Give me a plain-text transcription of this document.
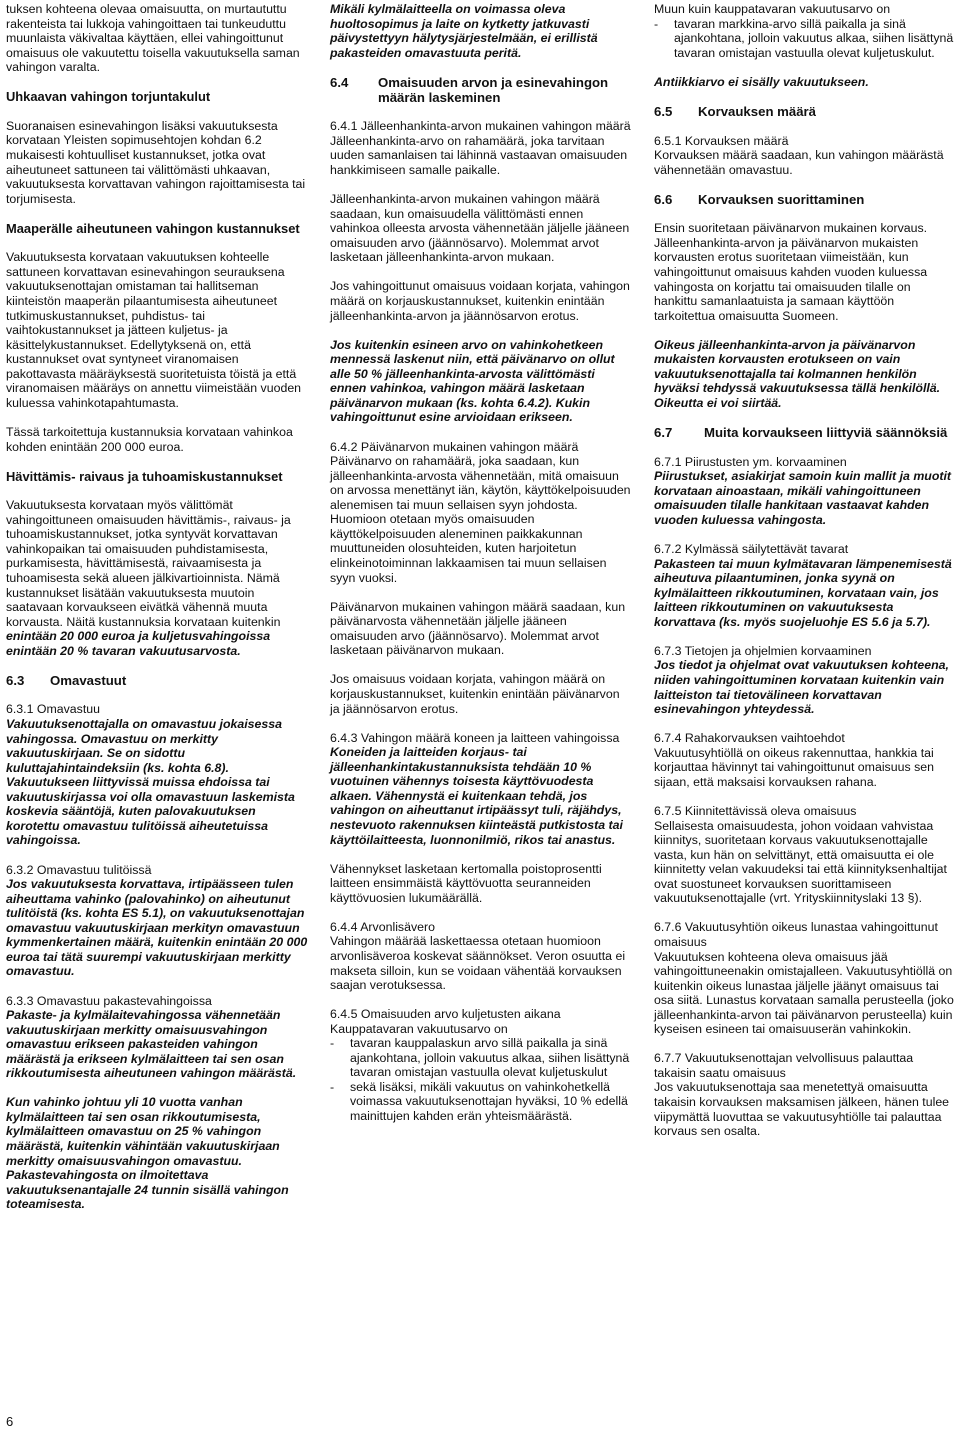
tuksen kohteena olevaa omaisuutta, on murtaututtu rakenteista tai lukkoja vahingoittaen tai tunkeuduttu muunlaista väkivaltaa käyttäen, ellei vahingoittunut omaisuus ole vakuutettu toisella vakuutuksella saman vahingon varalta.

Uhkaavan vahingon torjuntakulut

Suoranaisen esinevahingon lisäksi vakuutuksesta korvataan Yleisten sopimusehtojen kohdan 6.2 mukaisesti kohtuulliset kustannukset, jotka ovat aiheutuneet sattuneen tai välittömästi uhkaavan, vakuutuksesta korvattavan vahingon rajoittamisesta tai torjumisesta.

Maaperälle aiheutuneen vahingon kustannukset

Vakuutuksesta korvataan vakuutuksen kohteelle sattuneen korvattavan esinevahingon seurauksena vakuutuksenottajan omistaman tai hallitseman kiinteistön maaperän pilaantumisesta aiheutuneet tutkimuskustannukset, puhdistus- tai vaihtokustannukset ja jätteen kuljetus- ja käsittelykustannukset. Edellytyksenä on, että kustannukset ovat syntyneet viranomaisen pakottavasta määräyksestä suoritetuista töistä ja että viranomaisen määräys on annettu viimeistään vuoden kuluessa vahinkotapahtumasta.

Tässä tarkoitettuja kustannuksia korvataan vahinkoa kohden enintään 200 000 euroa.

Hävittämis- raivaus ja tuhoamiskustannukset

Vakuutuksesta korvataan myös välittömät vahingoittuneen omaisuuden hävittämis-, raivaus- ja tuhoamiskustannukset, jotka syntyvät korvattavan vahinkopaikan tai omaisuuden puhdistamisesta, purkamisesta, hävittämisestä, raivaamisesta ja tuhoamisesta sekä alueen jälkivartioinnista. Nämä kustannukset lisätään vakuutuksesta muutoin saatavaan korvaukseen eivätkä vähennä muuta korvausta. Näitä kustannuksia korvataan kuitenkin enintään 20 000 euroa ja kuljetusvahingoissa enintään 20 % tavaran vakuutusarvosta.

6.3	Omavastuut
6.3.1 Omavastuu

Vakuutuksenottajalla on omavastuu jokaisessa vahingossa. Omavastuu on merkitty vakuutuskirjaan. Se on sidottu kuluttajahintaindeksiin (ks. kohta 6.8). Vakuutukseen liittyvissä muissa ehdoissa tai vakuutuskirjassa voi olla omavastuun laskemista koskevia sääntöjä, kuten palovakuutuksen korotettu omavastuu tulitöissä aiheutetuissa vahingoissa.

6.3.2 Omavastuu tulitöissä

Jos vakuutuksesta korvattava, irtipäässeen tulen aiheuttama vahinko (palovahinko) on aiheutunut tulitöistä (ks. kohta ES 5.1), on vakuutuksenottajan omavastuu vakuutuskirjaan merkityn omavastuun kymmenkertainen määrä, kuitenkin enintään 20 000 euroa tai tätä suurempi vakuutuskirjaan merkitty omavastuu.

6.3.3 Omavastuu pakastevahingoissa

Pakaste- ja kylmälaitevahingossa vähennetään vakuutuskirjaan merkitty omaisuusvahingon omavastuu erikseen pakasteiden vahingon määrästä ja erikseen kylmälaitteen tai sen osan rikkoutumisesta aiheutuneen vahingon määrästä.

Kun vahinko johtuu yli 10 vuotta vanhan kylmälaitteen tai sen osan rikkoutumisesta, kylmälaitteen omavastuu on 25 % vahingon määrästä, kuitenkin vähintään vakuutuskirjaan merkitty omaisuusvahingon omavastuu. Pakastevahingosta on ilmoitettava vakuutuksenantajalle 24 tunnin sisällä vahingon toteamisesta.

Mikäli kylmälaitteella on voimassa oleva huoltosopimus ja laite on kytketty jatkuvasti päivystettyyn hälytysjärjestelmään, ei erillistä pakasteiden omavastuuta peritä.

6.4	Omaisuuden arvon ja esinevahingon määrän laskeminen
6.4.1 Jälleenhankinta-arvon mukainen vahingon määrä

Jälleenhankinta-arvo on rahamäärä, joka tarvitaan uuden samanlaisen tai lähinnä vastaavan omaisuuden hankkimiseen samalle paikalle.

Jälleenhankinta-arvon mukainen vahingon määrä saadaan, kun omaisuudella välittömästi ennen vahinkoa olleesta arvosta vähennetään jäljelle jääneen omaisuuden arvo (jäännösarvo). Molemmat arvot lasketaan jälleenhankinta-arvon mukaan.

Jos vahingoittunut omaisuus voidaan korjata, vahingon määrä on korjauskustannukset, kuitenkin enintään jälleenhankinta-arvon ja jäännösarvon erotus.

Jos kuitenkin esineen arvo on vahinkohetkeen mennessä laskenut niin, että päivänarvo on ollut alle 50 % jälleenhankinta-arvosta välittömästi ennen vahinkoa, vahingon määrä lasketaan päivänarvon mukaan (ks. kohta 6.4.2). Kukin vahingoittunut esine arvioidaan erikseen.

6.4.2 Päivänarvon mukainen vahingon määrä

Päivänarvo on rahamäärä, joka saadaan, kun jälleenhankinta-arvosta vähennetään, mitä omaisuun on arvossa menettänyt iän, käytön, käyttökelpoisuuden alenemisen tai muun sellaisen syyn johdosta. Huomioon otetaan myös omaisuuden käyttökelpoisuuden aleneminen paikkakunnan muuttuneiden olosuhteiden, kuten harjoitetun elinkeinotoiminnan lakkaamisen tai muun sellaisen syyn vuoksi.

Päivänarvon mukainen vahingon määrä saadaan, kun päivänarvosta vähennetään jäljelle jääneen omaisuuden arvo (jäännösarvo). Molemmat arvot lasketaan päivänarvon mukaan.

Jos omaisuus voidaan korjata, vahingon määrä on korjauskustannukset, kuitenkin enintään päivänarvon ja jäännösarvon erotus.

6.4.3 Vahingon määrä koneen ja laitteen vahingoissa

Koneiden ja laitteiden korjaus- tai jälleenhankintakustannuksista tehdään 10 % vuotuinen vähennys toisesta käyttövuodesta alkaen. Vähennystä ei kuitenkaan tehdä, jos vahingon on aiheuttanut irtipäässyt tuli, räjähdys, nestevuoto rakennuksen kiinteästä putkistosta tai käyttöilaitteesta, luonnonilmiö, rikos tai anastus.

Vähennykset lasketaan kertomalla poistoprosentti laitteen ensimmäistä käyttövuotta seuranneiden käyttövuosien lukumäärällä.

6.4.4 Arvonlisävero

Vahingon määrää laskettaessa otetaan huomioon arvonlisäveroa koskevat säännökset. Veron osuutta ei makseta silloin, kun se voidaan vähentää korvauksen saajan verotuksessa.

6.4.5 Omaisuuden arvo kuljetusten aikana
Kauppatavaran vakuutusarvo on
-	tavaran kauppalaskun arvo sillä paikalla ja sinä ajankohtana, jolloin vakuutus alkaa, siihen lisättynä tavaran omistajan vastuulla olevat kuljetuskulut
-	sekä lisäksi, mikäli vakuutus on vahinkohetkellä voimassa vakuutuksenottajan hyväksi, 10 % edellä mainittujen kahden erän yhteismäärästä.
Muun kuin kauppatavaran vakuutusarvo on
-	tavaran markkina-arvo sillä paikalla ja sinä ajankohtana, jolloin vakuutus alkaa, siihen lisättynä tavaran omistajan vastuulla olevat kuljetuskulut.

Antiikkiarvo ei sisälly vakuutukseen.

6.5	Korvauksen määrä
6.5.1 Korvauksen määrä

Korvauksen määrä saadaan, kun vahingon määrästä vähennetään omavastuu.

6.6	Korvauksen suorittaminen

Ensin suoritetaan päivänarvon mukainen korvaus. Jälleenhankinta-arvon ja päivänarvon mukaisten korvausten erotus suoritetaan viimeistään, kun vahingoittunut omaisuus kahden vuoden kuluessa vahingosta on korjattu tai omaisuuden tilalle on hankittu samanlaatuista ja samaan käyttöön tarkoitettua omaisuutta Suomeen.

Oikeus jälleenhankinta-arvon ja päivänarvon mukaisten korvausten erotukseen on vain vakuutuksenottajalla tai kolmannen henkilön hyväksi tehdyssä vakuutuksessa tällä henkilöllä. Oikeutta ei voi siirtää.

6.7	Muita korvaukseen liittyviä säännöksiä
6.7.1 Piirustusten ym. korvaaminen

Piirustukset, asiakirjat samoin kuin mallit ja muotit korvataan ainoastaan, mikäli vahingoittuneen omaisuuden tilalle hankitaan vastaavat kahden vuoden kuluessa vahingosta.

6.7.2 Kylmässä säilytettävät tavarat

Pakasteen tai muun kylmätavaran lämpenemisestä aiheutuva pilaantuminen, jonka syynä on kylmälaitteen rikkoutuminen, korvataan vain, jos laitteen rikkoutuminen on vakuutuksesta korvattava (ks. myös suojeluohje ES 5.6 ja 5.7).

6.7.3 Tietojen ja ohjelmien korvaaminen

Jos tiedot ja ohjelmat ovat vakuutuksen kohteena, niiden vahingoittuminen korvataan kuitenkin vain laitteiston tai tietovälineen korvattavan esinevahingon yhteydessä.

6.7.4 Rahakorvauksen vaihtoehdot

Vakuutusyhtiöllä on oikeus rakennuttaa, hankkia tai korjauttaa hävinnyt tai vahingoittunut omaisuus sen sijaan, että maksaisi korvauksen rahana.

6.7.5 Kiinnitettävissä oleva omaisuus

Sellaisesta omaisuudesta, johon voidaan vahvistaa kiinnitys, suoritetaan korvaus vakuutuksenottajalle vasta, kun hän on selvittänyt, että omaisuutta ei ole kiinnitetty velan vakuudeksi tai että kiinnityksenhaltijat ovat suostuneet korvauksen suorittamiseen vakuutuksenottajalle (vrt. Yrityskiinnityslaki 13 §).

6.7.6 Vakuutusyhtiön oikeus lunastaa vahingoittunut omaisuus

Vakuutuksen kohteena oleva omaisuus jää vahingoittuneenakin omistajalleen. Vakuutusyhtiöllä on kuitenkin oikeus lunastaa jäljelle jäänyt omaisuus tai osa siitä. Lunastus korvataan samalla perusteella (joko jälleenhankinta-arvon tai päivänarvon perusteella) kuin kyseisen esineen tai omaisuuserän vahinkokin.

6.7.7 Vakuutuksenottajan velvollisuus palauttaa takaisin saatu omaisuus

Jos vakuutuksenottaja saa menetettyä omaisuutta takaisin korvauksen maksamisen jälkeen, hänen tulee viipymättä luovuttaa se vakuutusyhtiölle tai palauttaa korvaus sen osalta.

6
